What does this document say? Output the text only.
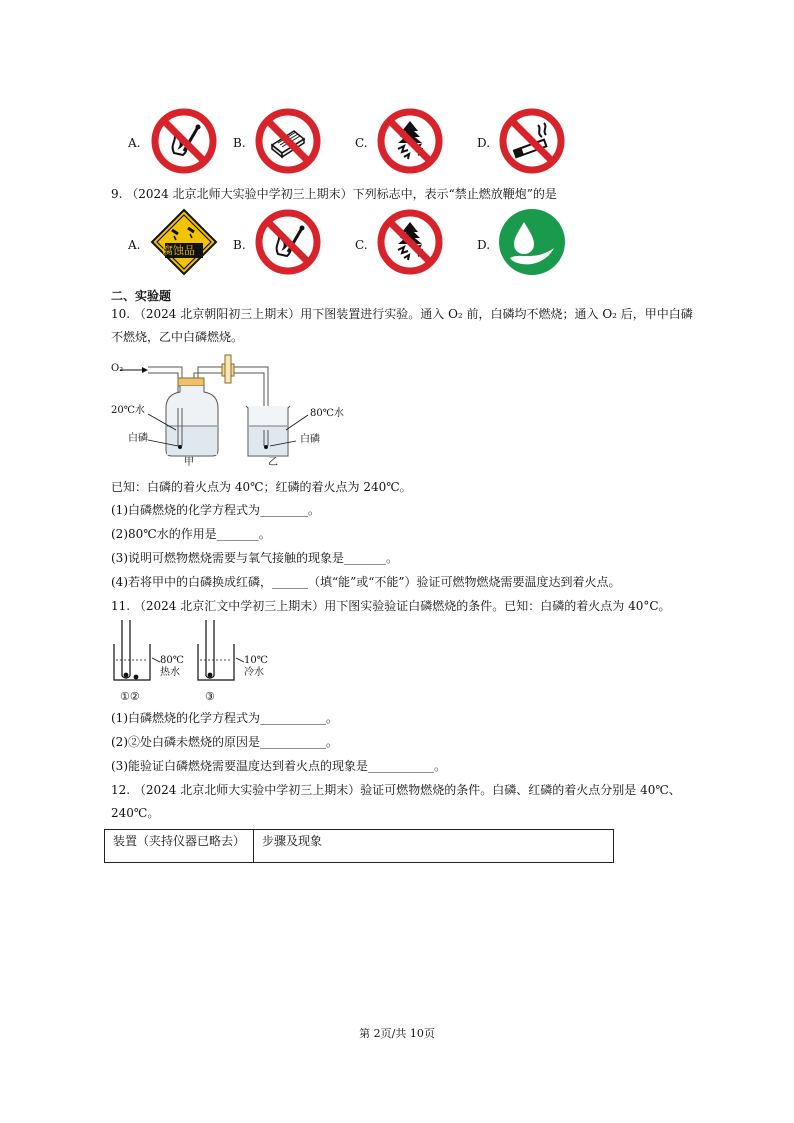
A.	B.	C.	D.
9. （2024 北京北师大实验中学初三上期末）下列标志中，表示“禁止燃放鞭炮”的是
A. 腐蚀品	B.	C.	D.
二、实验题
10. （2024 北京朝阳初三上期末）用下图装置进行实验。通入 O₂ 前，白磷均不燃烧；通入 O₂ 后，甲中白磷
不燃烧，乙中白磷燃烧。
O₂
20℃水
白磷
甲
80℃水
白磷
乙
已知：白磷的着火点为 40℃；红磷的着火点为 240℃。
(1)白磷燃烧的化学方程式为________。
(2)80℃水的作用是_______。
(3)说明可燃物燃烧需要与氧气接触的现象是_______。
(4)若将甲中的白磷换成红磷，______（填“能”或“不能”）验证可燃物燃烧需要温度达到着火点。
11. （2024 北京汇文中学初三上期末）用下图实验验证白磷燃烧的条件。已知：白磷的着火点为 40°C。
80℃
热水
10℃
冷水
①②	③
(1)白磷燃烧的化学方程式为___________。
(2)②处白磷未燃烧的原因是___________。
(3)能验证白磷燃烧需要温度达到着火点的现象是___________。
12. （2024 北京北师大实验中学初三上期末）验证可燃物燃烧的条件。白磷、红磷的着火点分别是 40℃、
240℃。
装置（夹持仪器已略去）	步骤及现象
第 2页/共 10页
